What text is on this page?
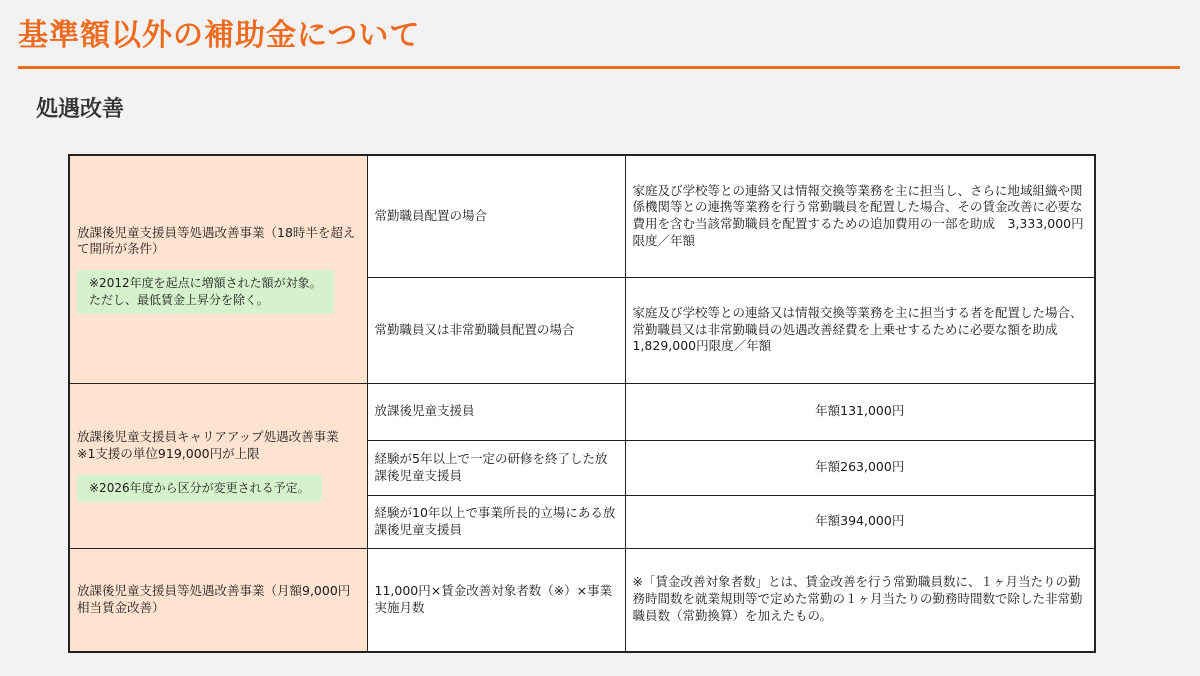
基準額以外の補助金について
処遇改善
放課後児童支援員等処遇改善事業（18時半を超えて開所が条件）
※2012年度を起点に増額された額が対象。
ただし、最低賃金上昇分を除く。	常勤職員配置の場合	家庭及び学校等との連絡又は情報交換等業務を主に担当し、さらに地域組織や関係機関等との連携等業務を行う常勤職員を配置した場合、その賃金改善に必要な費用を含む当該常勤職員を配置するための追加費用の一部を助成　3,333,000円限度／年額
	常勤職員又は非常勤職員配置の場合	家庭及び学校等との連絡又は情報交換等業務を主に担当する者を配置した場合、常勤職員又は非常勤職員の処遇改善経費を上乗せするために必要な額を助成　1,829,000円限度／年額

放課後児童支援員キャリアアップ処遇改善事業
※1支援の単位919,000円が上限
※2026年度から区分が変更される予定。	放課後児童支援員	年額131,000円
	経験が5年以上で一定の研修を終了した放課後児童支援員	年額263,000円
	経験が10年以上で事業所長的立場にある放課後児童支援員	年額394,000円
放課後児童支援員等処遇改善事業（月額9,000円相当賃金改善）	11,000円×賃金改善対象者数（※）×事業実施月数	※「賃金改善対象者数」とは、賃金改善を行う常勤職員数に、１ヶ月当たりの勤務時間数を就業規則等で定めた常勤の１ヶ月当たりの勤務時間数で除した非常勤職員数（常勤換算）を加えたもの。
